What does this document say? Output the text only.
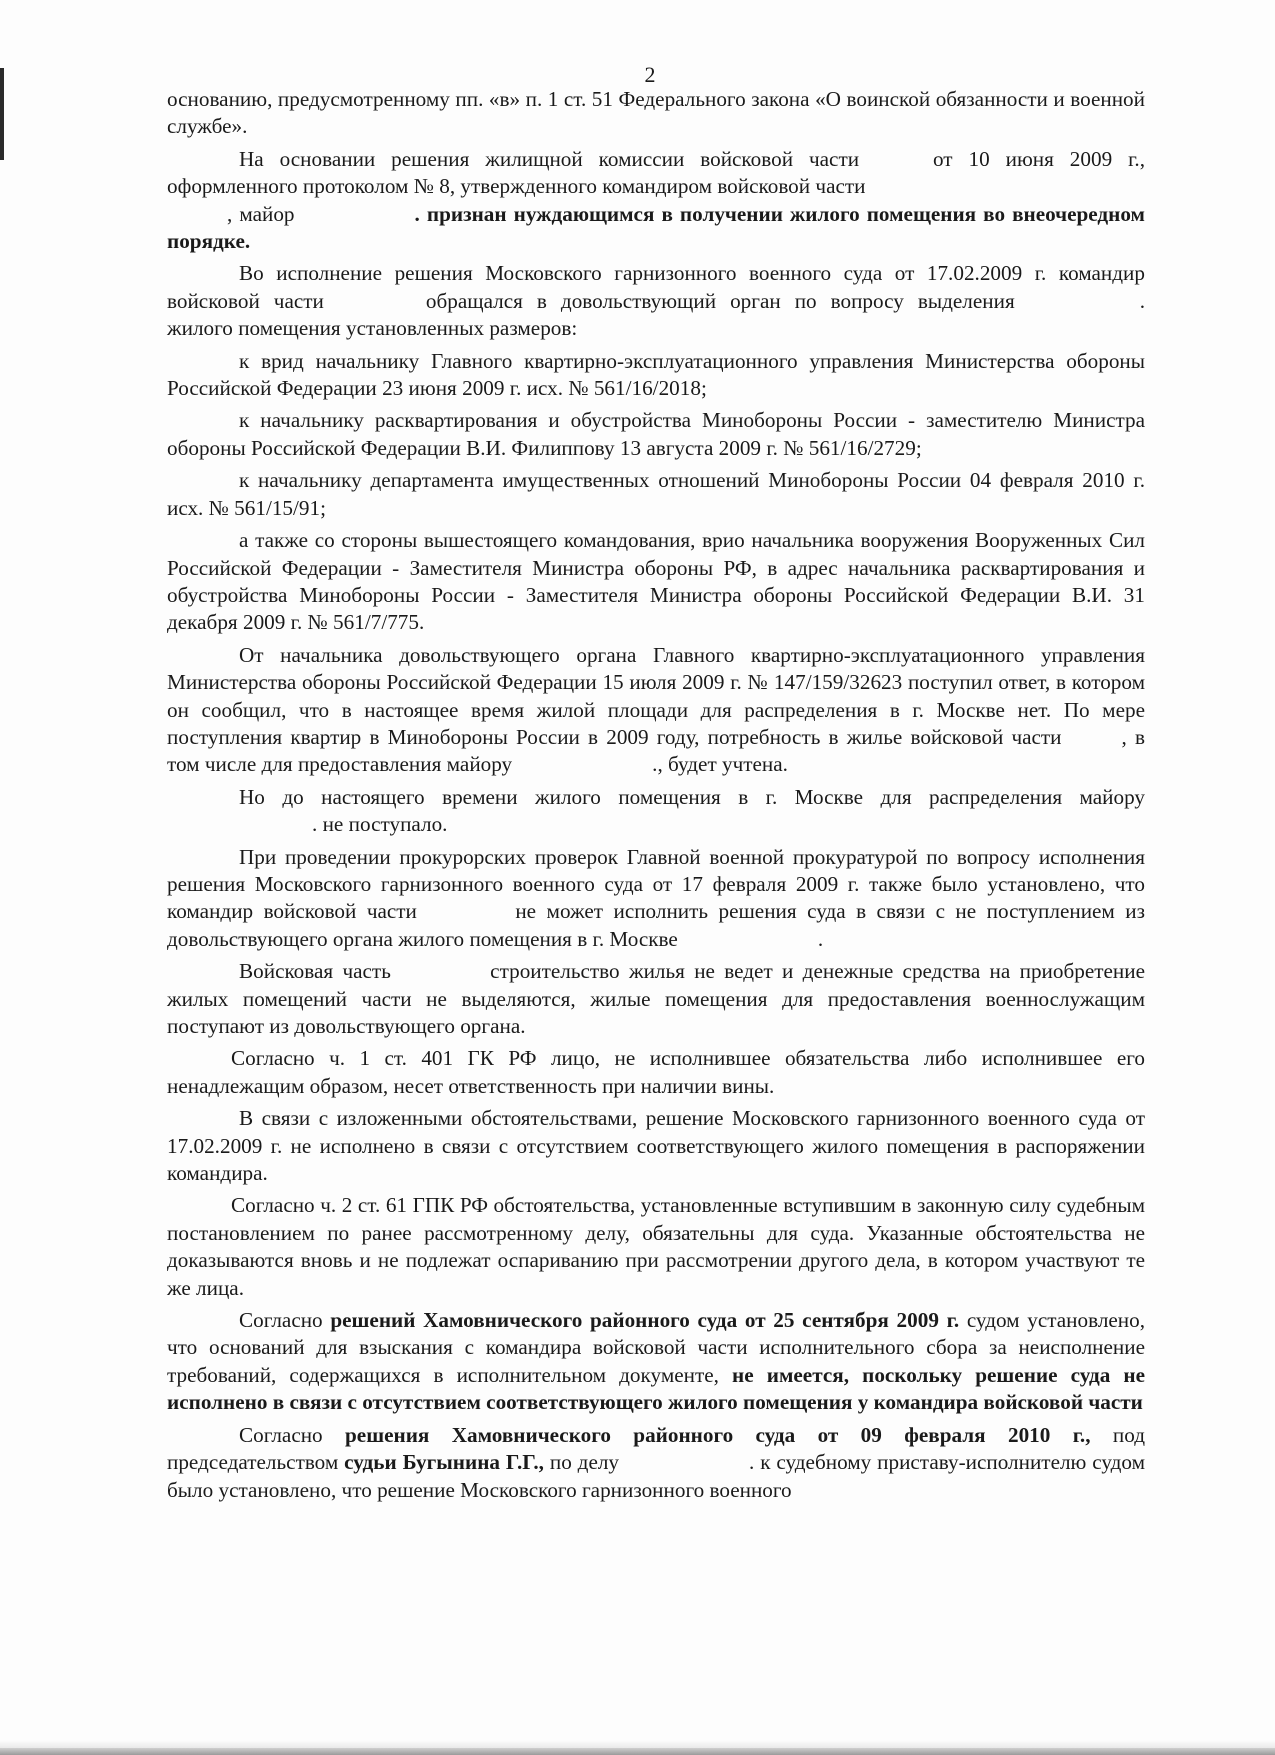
2

основанию, предусмотренному пп. «в» п. 1 ст. 51 Федерального закона «О воинской обязанности и военной службе».

На основании решения жилищной комиссии войсковой части	от 10 июня 2009 г., оформленного протоколом № 8, утвержденного командиром войсковой части
, майор	. признан нуждающимся в получении жилого помещения во внеочередном порядке.

Во исполнение решения Московского гарнизонного военного суда от 17.02.2009 г. командир войсковой части	обращался в довольствующий орган по вопросу выделения	. жилого помещения установленных размеров:

к врид начальнику Главного квартирно-эксплуатационного управления Министерства обороны Российской Федерации 23 июня 2009 г. исх. № 561/16/2018;

к начальнику расквартирования и обустройства Минобороны России - заместителю Министра обороны Российской Федерации В.И. Филиппову 13 августа 2009 г. № 561/16/2729;

к начальнику департамента имущественных отношений Минобороны России 04 февраля 2010 г. исх. № 561/15/91;

а также со стороны вышестоящего командования, врио начальника вооружения Вооруженных Сил Российской Федерации - Заместителя Министра обороны РФ, в адрес начальника расквартирования и обустройства Минобороны России - Заместителя Министра обороны Российской Федерации В.И. 31 декабря 2009 г. № 561/7/775.

От начальника довольствующего органа Главного квартирно-эксплуатационного управления Министерства обороны Российской Федерации 15 июля 2009 г. № 147/159/32623 поступил ответ, в котором он сообщил, что в настоящее время жилой площади для распределения в г. Москве нет. По мере поступления квартир в Минобороны России в 2009 году, потребность в жилье войсковой части	, в том числе для предоставления майору	., будет учтена.

Но до настоящего времени жилого помещения в г. Москве для распределения майору. не поступало.

При проведении прокурорских проверок Главной военной прокуратурой по вопросу исполнения решения Московского гарнизонного военного суда от 17 февраля 2009 г. также было установлено, что командир войсковой части	не может исполнить решения суда в связи с не поступлением из довольствующего органа жилого помещения в г. Москве	.

Войсковая часть	строительство жилья не ведет и денежные средства на приобретение жилых помещений части не выделяются, жилые помещения для предоставления военнослужащим поступают из довольствующего органа.

Согласно ч. 1 ст. 401 ГК РФ лицо, не исполнившее обязательства либо исполнившее его ненадлежащим образом, несет ответственность при наличии вины.

В связи с изложенными обстоятельствами, решение Московского гарнизонного военного суда от 17.02.2009 г. не исполнено в связи с отсутствием соответствующего жилого помещения в распоряжении командира.

Согласно ч. 2 ст. 61 ГПК РФ обстоятельства, установленные вступившим в законную силу судебным постановлением по ранее рассмотренному делу, обязательны для суда. Указанные обстоятельства не доказываются вновь и не подлежат оспариванию при рассмотрении другого дела, в котором участвуют те же лица.

Согласно решений Хамовнического районного суда от 25 сентября 2009 г. судом установлено, что оснований для взыскания с командира войсковой части исполнительного сбора за неисполнение требований, содержащихся в исполнительном документе, не имеется, поскольку решение суда не исполнено в связи с отсутствием соответствующего жилого помещения у командира войсковой части

Согласно решения Хамовнического районного суда от 09 февраля 2010 г., под председательством судьи Бугынина Г.Г., по делу	. к судебному приставу-исполнителю судом было установлено, что решение Московского гарнизонного военного
